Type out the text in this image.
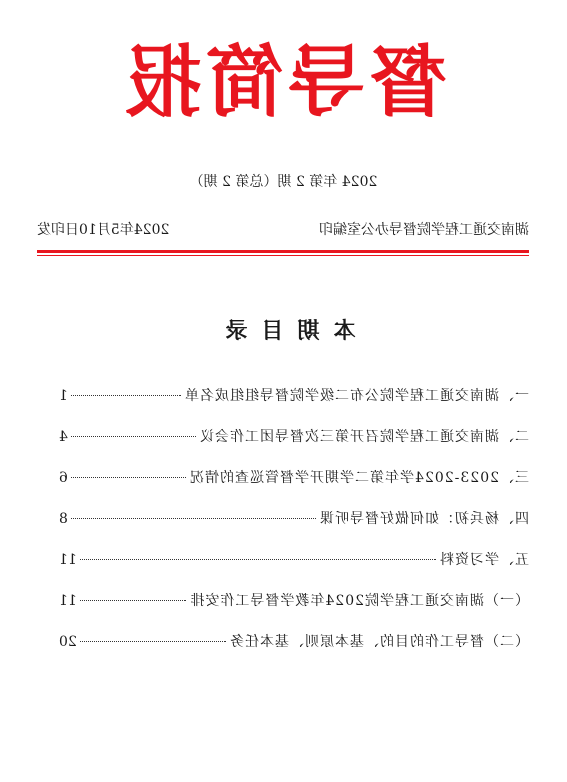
督导简报
2024 年第 2 期（总第 2 期）
湖南交通工程学院督导办公室编印
2024年5月10日印发
本期目录
一、湖南交通工程学院公布二级学院督导组组成名单
1
二、湖南交通工程学院召开第三次督导团工作会议
4
三、2023-2024学年第二学期开学督管巡查的情况
6
四、杨兵初：如何做好督导听课
8
五、学习资料
11
（一）湖南交通工程学院2024年教学督导工作安排
11
（二）督导工作的目的、基本原则、基本任务
20
